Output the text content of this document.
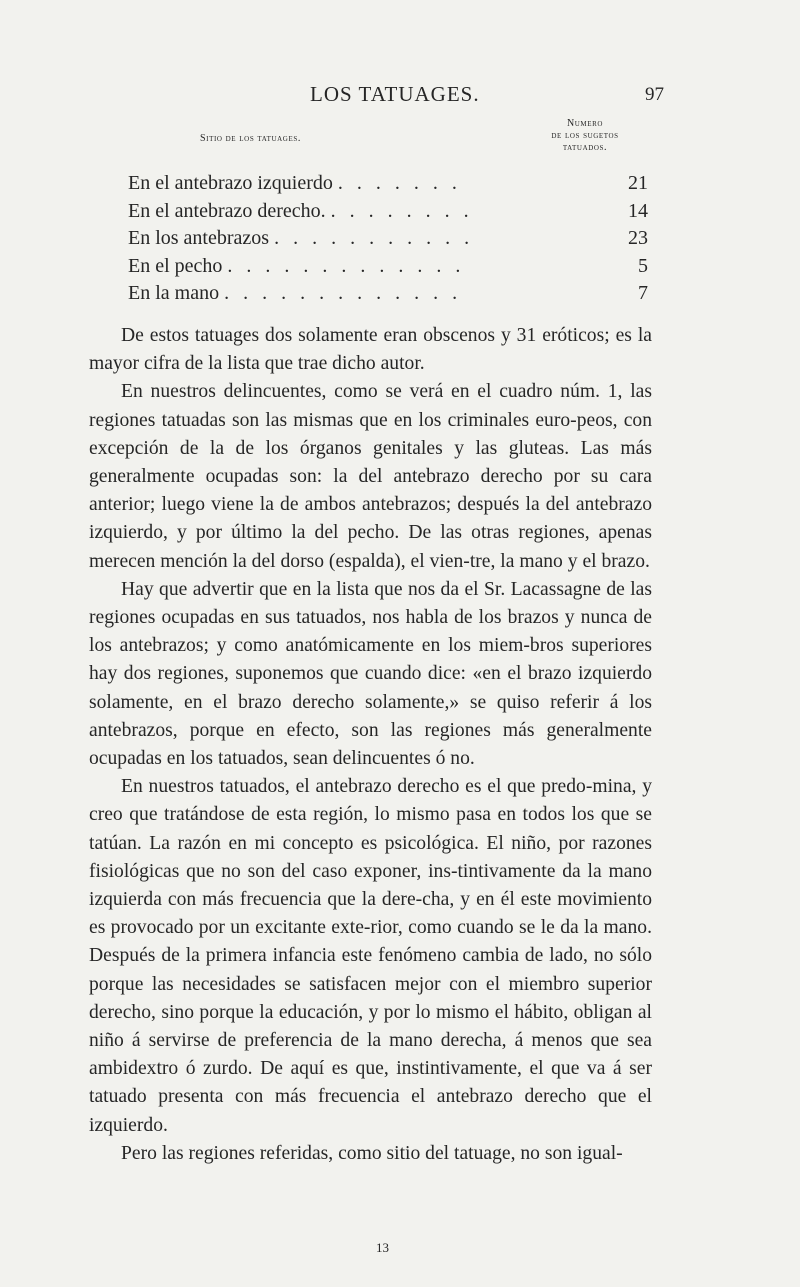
LOS TATUAGES.	97
Sitio de los tatuages.
Numero
de los sugetos
tatuados.
En el antebrazo izquierdo . . . . . . .	21
En el antebrazo derecho. . . . . . . . .	14
En los antebrazos . . . . . . . . . . .	23
En el pecho . . . . . . . . . . . . .	5
En la mano . . . . . . . . . . . . .	7

De estos tatuages dos solamente eran obscenos y 31 eróticos; es la mayor cifra de la lista que trae dicho autor.

En nuestros delincuentes, como se verá en el cuadro núm. 1, las regiones tatuadas son las mismas que en los criminales euro-peos, con excepción de la de los órganos genitales y las gluteas. Las más generalmente ocupadas son: la del antebrazo derecho por su cara anterior; luego viene la de ambos antebrazos; después la del antebrazo izquierdo, y por último la del pecho. De las otras regiones, apenas merecen mención la del dorso (espalda), el vien-tre, la mano y el brazo.

Hay que advertir que en la lista que nos da el Sr. Lacassagne de las regiones ocupadas en sus tatuados, nos habla de los brazos y nunca de los antebrazos; y como anatómicamente en los miem-bros superiores hay dos regiones, suponemos que cuando dice: «en el brazo izquierdo solamente, en el brazo derecho solamente,» se quiso referir á los antebrazos, porque en efecto, son las regiones más generalmente ocupadas en los tatuados, sean delincuentes ó no.

En nuestros tatuados, el antebrazo derecho es el que predo-mina, y creo que tratándose de esta región, lo mismo pasa en todos los que se tatúan. La razón en mi concepto es psicológica. El niño, por razones fisiológicas que no son del caso exponer, ins-tintivamente da la mano izquierda con más frecuencia que la dere-cha, y en él este movimiento es provocado por un excitante exte-rior, como cuando se le da la mano. Después de la primera infancia este fenómeno cambia de lado, no sólo porque las necesidades se satisfacen mejor con el miembro superior derecho, sino porque la educación, y por lo mismo el hábito, obligan al niño á servirse de preferencia de la mano derecha, á menos que sea ambidextro ó zurdo. De aquí es que, instintivamente, el que va á ser tatuado presenta con más frecuencia el antebrazo derecho que el izquierdo.

Pero las regiones referidas, como sitio del tatuage, no son igual-

13
